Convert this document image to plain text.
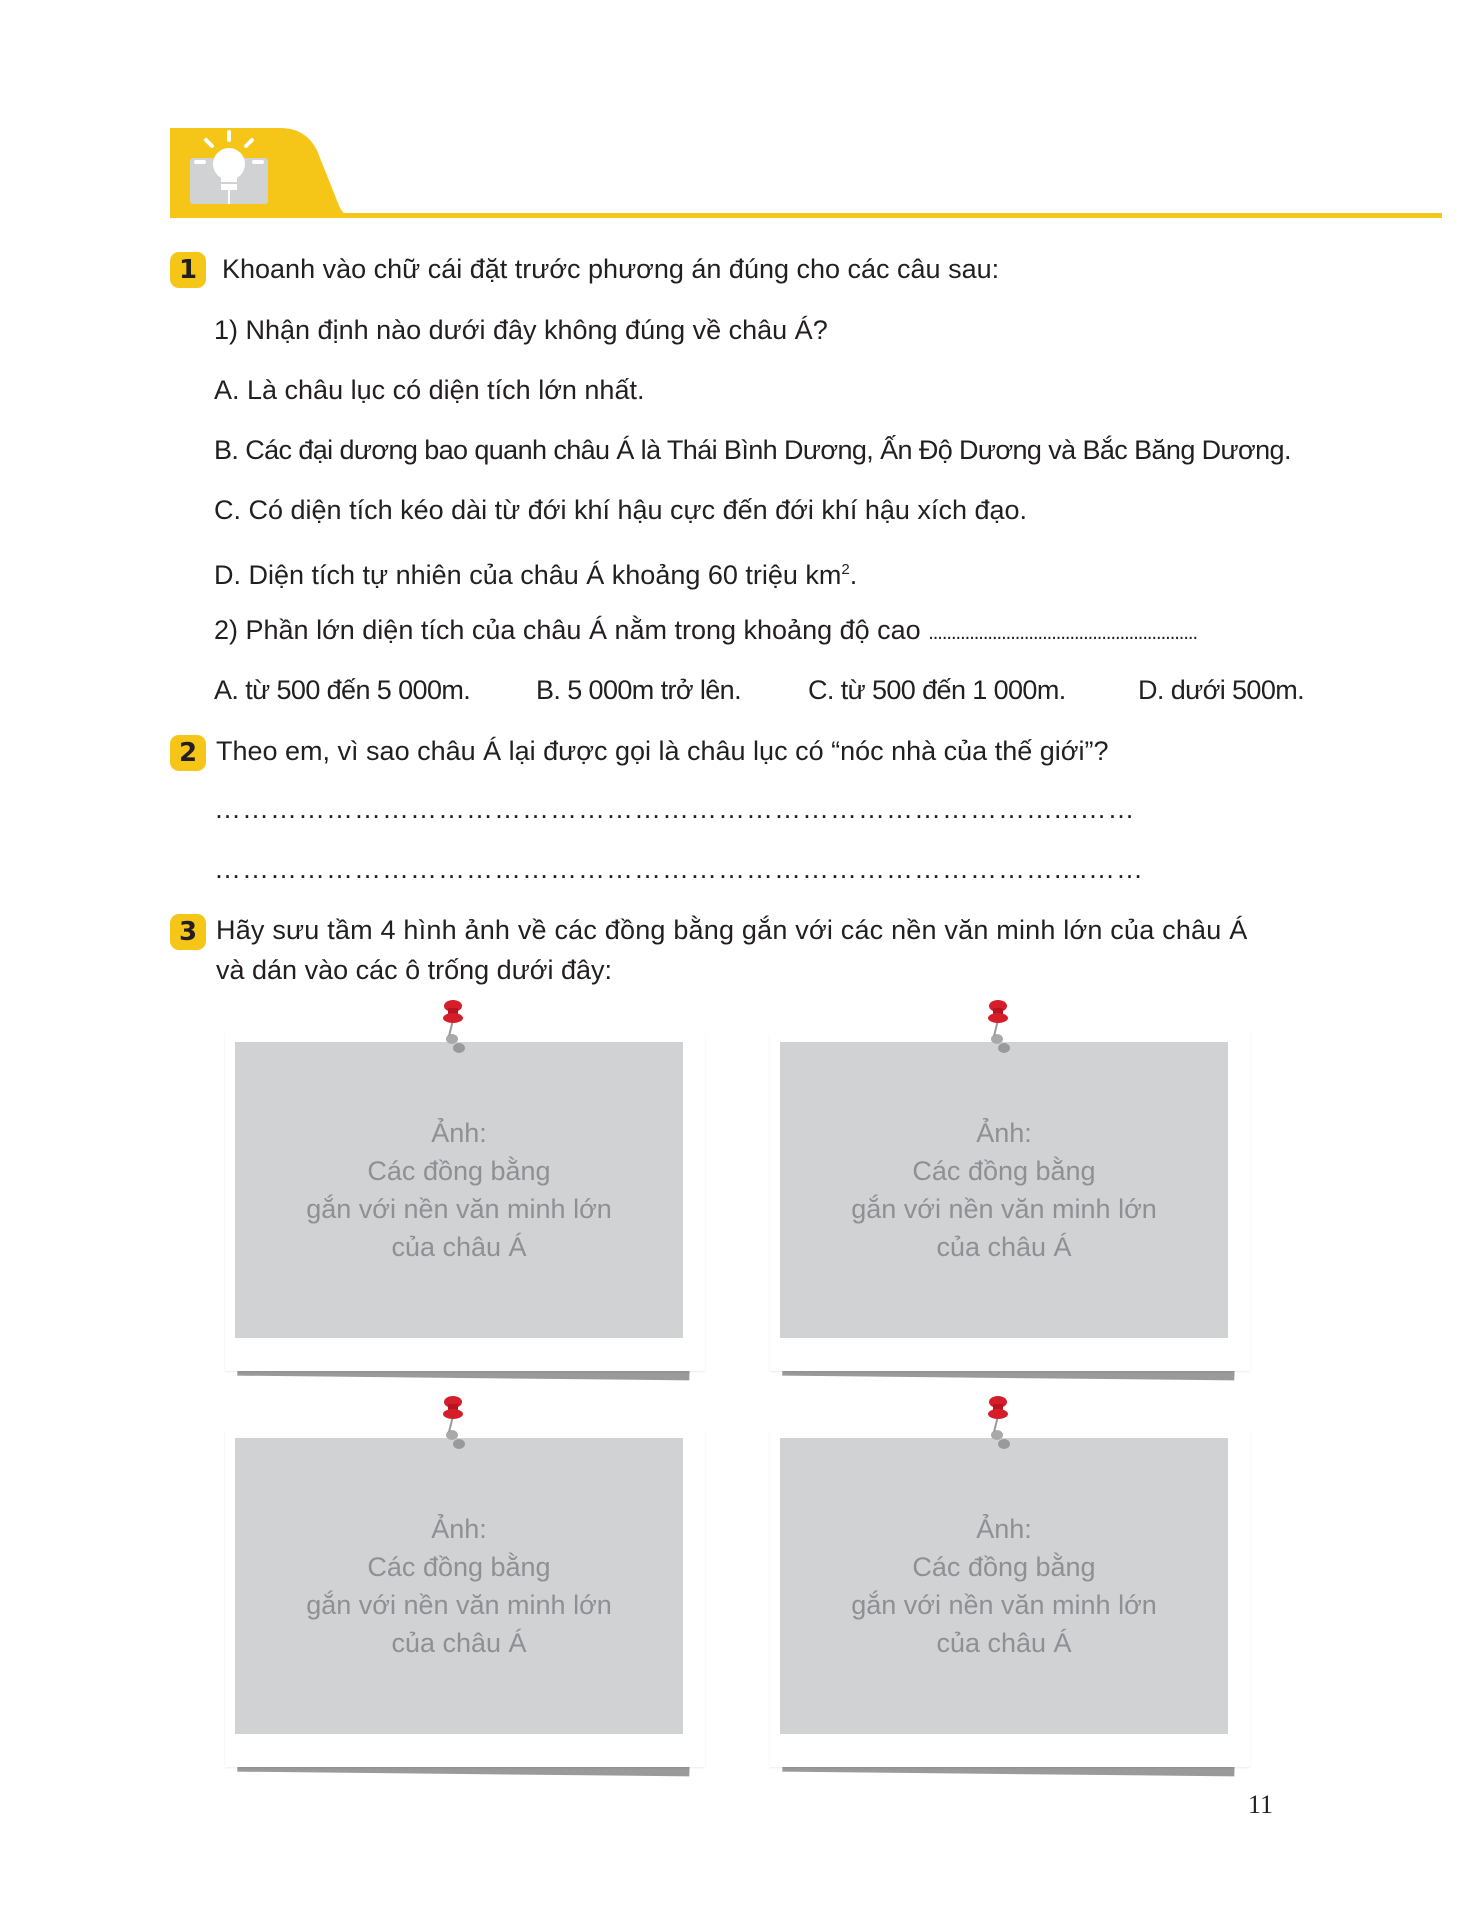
1 Khoanh vào chữ cái đặt trước phương án đúng cho các câu sau:
1) Nhận định nào dưới đây không đúng về châu Á?
A. Là châu lục có diện tích lớn nhất.
B. Các đại dương bao quanh châu Á là Thái Bình Dương, Ấn Độ Dương và Bắc Băng Dương.
C. Có diện tích kéo dài từ đới khí hậu cực đến đới khí hậu xích đạo.
D. Diện tích tự nhiên của châu Á khoảng 60 triệu $km^2$.
2) Phần lớn diện tích của châu Á nằm trong khoảng độ cao ...........................................................
A. từ 500 đến 5 000m. B. 5 000m trở lên. C. từ 500 đến 1 000m.	D. dưới 500m.
2 Theo em, vì sao châu Á lại được gọi là châu lục có “nóc nhà của thế giới”?
………………………………………………………………………………...……
………………………………………………………………………………....……
3 Hãy sưu tầm 4 hình ảnh về các đồng bằng gắn với các nền văn minh lớn của châu Á
và dán vào các ô trống dưới đây:
Ảnh:
Các đồng bằng
gắn với nền văn minh lớn
của châu Á
Ảnh:
Các đồng bằng
gắn với nền văn minh lớn
của châu Á
Ảnh:
Các đồng bằng
gắn với nền văn minh lớn
của châu Á
Ảnh:
Các đồng bằng
gắn với nền văn minh lớn
của châu Á
11
